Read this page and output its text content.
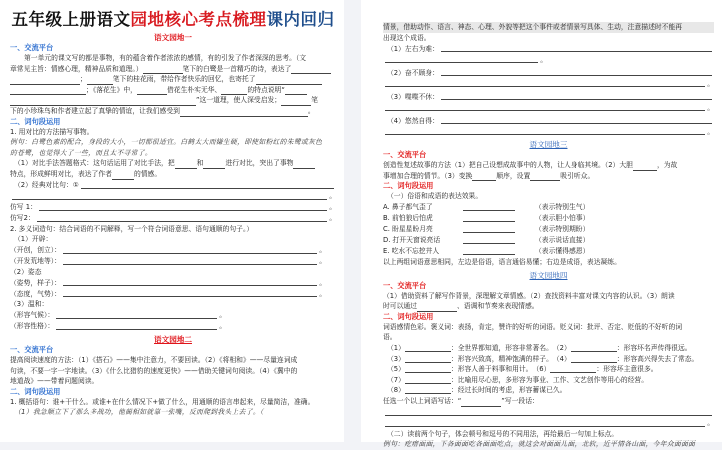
五年级上册语文园地核心考点梳理课内回归
语文园地一
一、交流平台
第一单元的课文写的都是事物，有的蕴含着作者浓浓的感情，有的引发了作者深深的思考。（文
章常见主旨：情感心理，精神品质和道理。）	笔下的白鹭是一首精巧的诗，表达了
；	笔下的桂花雨，带给作者快乐的回忆，也寄托了
；《落花生》中，	借花生朴实无华、	的特点说明“
”这一道理，使人深受启发；	笔
下的小珍珠鸟和作者建立起了真挚的情谊，让我们感受到	。
二、词句段运用
1. 用对比的方法描写事物。
例句：白鹭色素的配合，身段的大小，一切都很适宜。白鹤太大而嫌生硬，即使如粉红的朱鹭或灰色
的苍鹭，也觉得大了一些，而且太不寻常了。
（1）对比手法答题格式：这句话运用了对比手法，把	和	进行对比，突出了事物
特点，形成鲜明对比，表达了作者	的情感。
（2）经典对比句：①
。
仿写 1：	。
仿写2：	。
2. 多义词造句：结合词语的不同解释，写一个符合词语意思、语句通顺的句子。）
（1）开辟：
（开创，创立）：	。
（开发荒地等）：	。
（2）姿态
（姿势，样子）：	。
（态度，气势）：	。
（3）温和：
（形容气候）：	。
（形容性格）：	。
语文园地二
一、交流平台
提高阅读速度的方法：（1）《搭石》——集中注意力，不要回读。（2）《将相和》——尽量连词成
句读，不要一字一字地读。（3）《什么比猎豹的速度更快》——借助关键词句阅读。（4）《冀中的
地道战》——带着问题阅读。
二、词句段运用
1. 概括语句：谁+干什么。或谁+在什么情况下+做了什么，用通顺的语言串起来，尽量简洁，准确。
（1）我急顺立下了那么多战功，他蔺相如就靠一张嘴，反而爬到我头上去了。（
情景，借助动作、语言、神态、心理、外貌等把这个事件或者情景写具体、生动，注意描述时不能再
出现这个成语。
（1）左右为难：
。
（2）奋不顾身：
。
（3）喋喋不休：
。
（4）悠然自得：
。
语文园地三
一、交流平台
创造性复述故事的方法（1）把自己设想成故事中的人物，让人身临其境。（2）大胆	，为故
事增加合理的情节。（3）变换	顺序，设置	吸引听众。
二、词句段运用
（一）俗语和成语的表达效果。
A. 鼻子都气歪了	（表示特别生气）
B. 前怕狼后怕虎	（表示胆小怕事）
C. 盼星星盼月亮	（表示特别期盼）
D. 打开天窗说亮话	（表示说话直接）
E. 吃水不忘挖井人	（表示懂得感恩）
以上两组词语意思相同，左边是俗语，语言通俗易懂；右边是成语，表达凝练。
语文园地四
一、交流平台
（1）借助资料了解写作背景，深理解文章情感。（2）查找资料丰富对课文内容的认识。（3）朗读
时可以通过	、语调和节奏来表现情感。
二、词句段运用
词语感情色彩。褒义词：表扬，肯定，赞许的好听的词语。贬义词：批评、否定、贬低的不好听的词
语。
（1）	：全世界都知道，形容非常著名。 （2）	：形容坏名声传得很远。
（3）	：形容兴致高，精神饱满的样子。 （4）	：形容高兴得失去了常态。
（5）	：形容人善于料事和用计。 （6）	：形容坏主意很多。
（7）	：比喻用尽心思，多形容为事业、工作、文艺创作等用心的经营。
（8）	：经过长时间的考虑，形容蓄谋已久。
任选一个以上词语写话：“	”写一段话：
。
（二）读前两个句子，体会顿号和逗号的不同用法，再给最后一句加上标点。
例句：疙瘩面面，下各面面吃各面面吃点，就这会对面面儿面，北软，近平情各山面，今年众面面面
